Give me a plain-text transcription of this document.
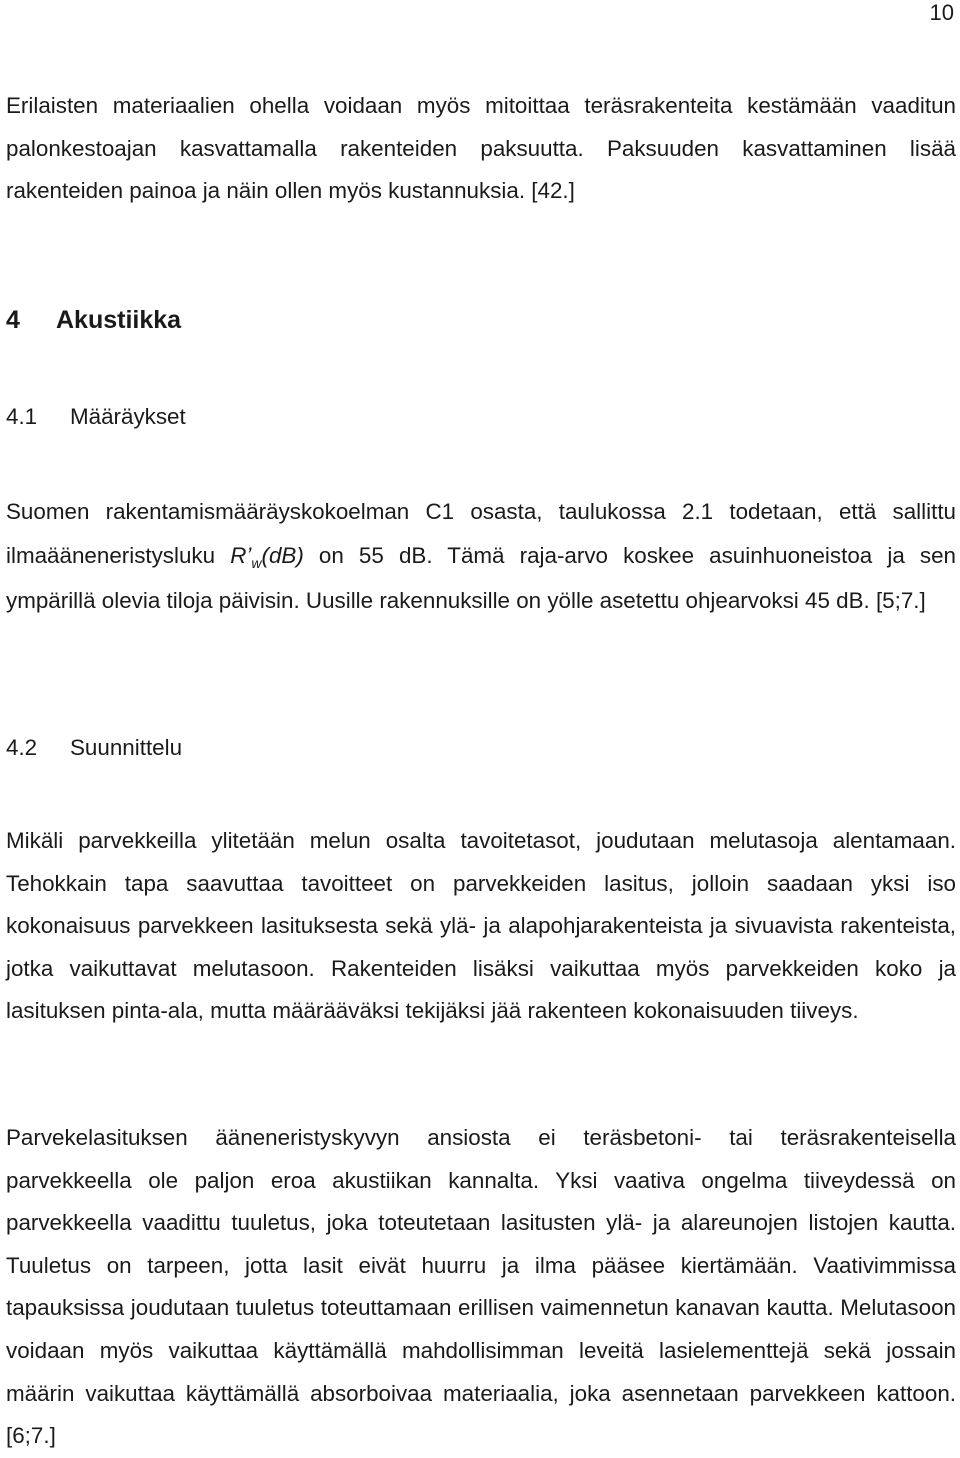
10

Erilaisten materiaalien ohella voidaan myös mitoittaa teräsrakenteita kestämään vaaditun palonkestoajan kasvattamalla rakenteiden paksuutta. Paksuuden kasvattaminen lisää rakenteiden painoa ja näin ollen myös kustannuksia. [42.]

4 Akustiikka
4.1 Määräykset

Suomen rakentamismääräyskokoelman C1 osasta, taulukossa 2.1 todetaan, että sallittu ilmaääneneristysluku $R’_w(dB)$ on 55 dB. Tämä raja-arvo koskee asuinhuoneistoa ja sen ympärillä olevia tiloja päivisin. Uusille rakennuksille on yölle asetettu ohjearvoksi 45 dB. [5;7.]

4.2 Suunnittelu

Mikäli parvekkeilla ylitetään melun osalta tavoitetasot, joudutaan melutasoja alentamaan. Tehokkain tapa saavuttaa tavoitteet on parvekkeiden lasitus, jolloin saadaan yksi iso kokonaisuus parvekkeen lasituksesta sekä ylä- ja alapohjarakenteista ja sivuavista rakenteista, jotka vaikuttavat melutasoon. Rakenteiden lisäksi vaikuttaa myös parvekkeiden koko ja lasituksen pinta-ala, mutta määrääväksi tekijäksi jää rakenteen kokonaisuuden tiiveys.

Parvekelasituksen ääneneristyskyvyn ansiosta ei teräsbetoni- tai teräsrakenteisella parvekkeella ole paljon eroa akustiikan kannalta. Yksi vaativa ongelma tiiveydessä on parvekkeella vaadittu tuuletus, joka toteutetaan lasitusten ylä- ja alareunojen listojen kautta. Tuuletus on tarpeen, jotta lasit eivät huurru ja ilma pääsee kiertämään. Vaativimmissa tapauksissa joudutaan tuuletus toteuttamaan erillisen vaimennetun kanavan kautta. Melutasoon voidaan myös vaikuttaa käyttämällä mahdollisimman leveitä lasielementtejä sekä jossain määrin vaikuttaa käyttämällä absorboivaa materiaalia, joka asennetaan parvekkeen kattoon. [6;7.]
